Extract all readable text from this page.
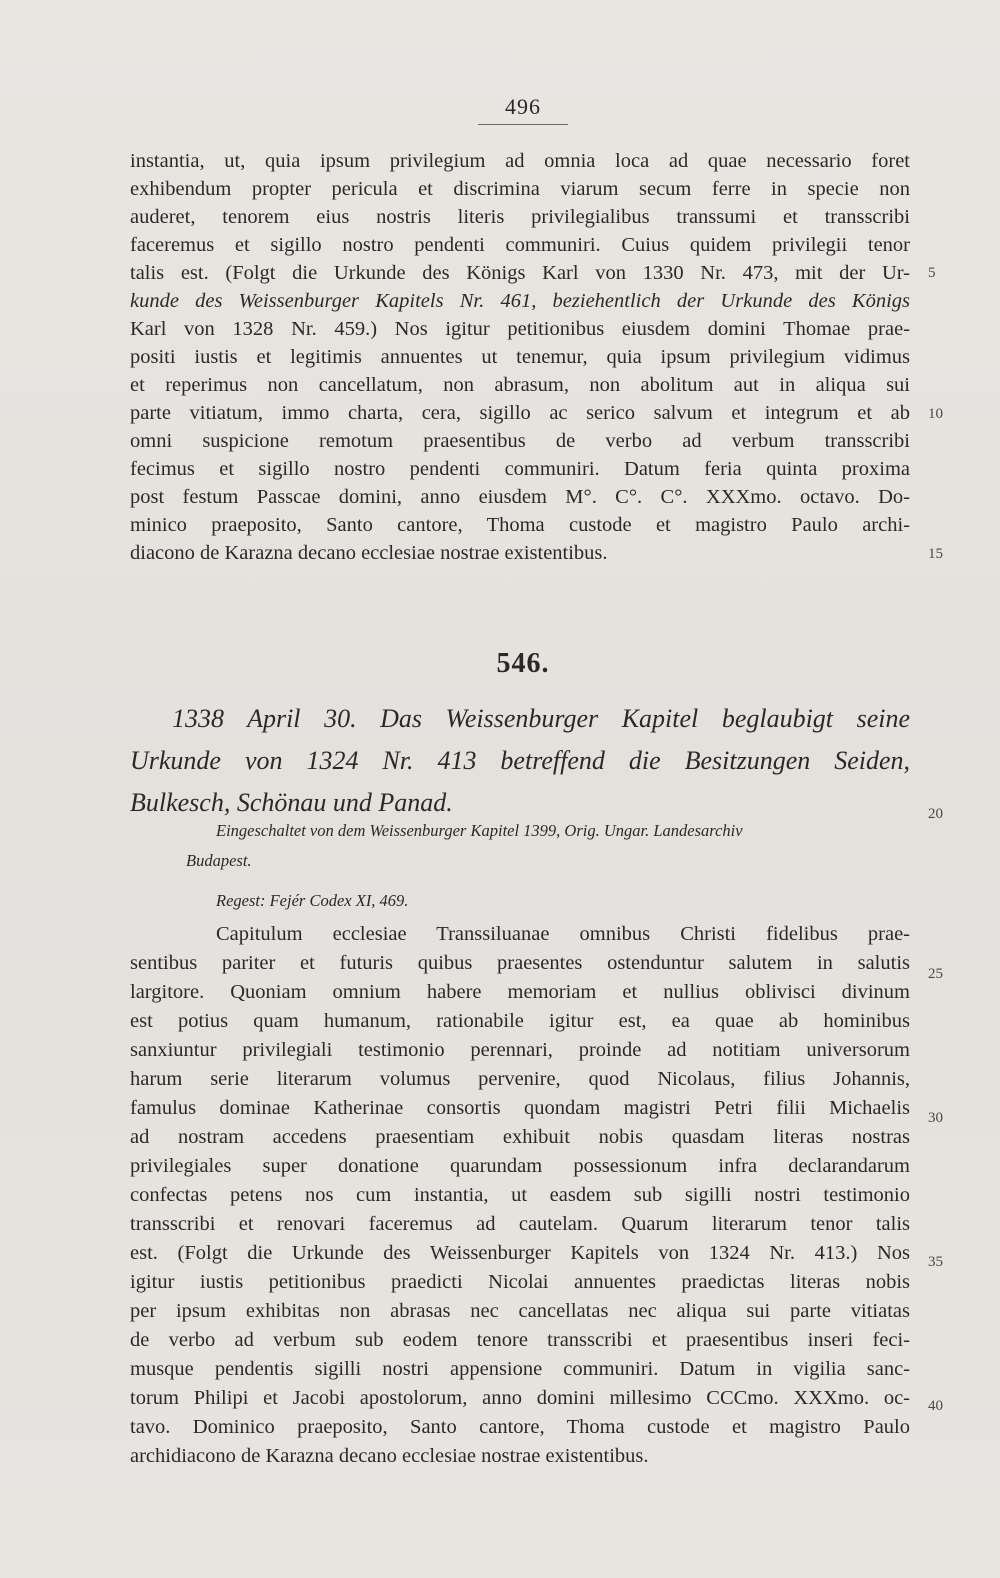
496
instantia, ut, quia ipsum privilegium ad omnia loca ad quae necessario foret
exhibendum propter pericula et discrimina viarum secum ferre in specie non
auderet, tenorem eius nostris literis privilegialibus transsumi et transscribi
faceremus et sigillo nostro pendenti communiri. Cuius quidem privilegii tenor
talis est. (Folgt die Urkunde des Königs Karl von 1330 Nr. 473, mit der Ur-
kunde des Weissenburger Kapitels Nr. 461, beziehentlich der Urkunde des Königs
Karl von 1328 Nr. 459.) Nos igitur petitionibus eiusdem domini Thomae prae-
positi iustis et legitimis annuentes ut tenemur, quia ipsum privilegium vidimus
et reperimus non cancellatum, non abrasum, non abolitum aut in aliqua sui
parte vitiatum, immo charta, cera, sigillo ac serico salvum et integrum et ab
omni suspicione remotum praesentibus de verbo ad verbum transscribi
fecimus et sigillo nostro pendenti communiri. Datum feria quinta proxima
post festum Passcae domini, anno eiusdem M°. C°. C°. XXXmo. octavo. Do-
minico praeposito, Santo cantore, Thoma custode et magistro Paulo archi-
diacono de Karazna decano ecclesiae nostrae existentibus.
5
10
15
546.
1338 April 30. Das Weissenburger Kapitel beglaubigt seine
Urkunde von 1324 Nr. 413 betreffend die Besitzungen Seiden,
Bulkesch, Schönau und Panad.
Eingeschaltet von dem Weissenburger Kapitel 1399, Orig. Ungar. Landesarchiv
Budapest.
Regest: Fejér Codex XI, 469.
Capitulum ecclesiae Transsiluanae omnibus Christi fidelibus prae-
sentibus pariter et futuris quibus praesentes ostenduntur salutem in salutis
largitore. Quoniam omnium habere memoriam et nullius oblivisci divinum
est potius quam humanum, rationabile igitur est, ea quae ab hominibus
sanxiuntur privilegiali testimonio perennari, proinde ad notitiam universorum
harum serie literarum volumus pervenire, quod Nicolaus, filius Johannis,
famulus dominae Katherinae consortis quondam magistri Petri filii Michaelis
ad nostram accedens praesentiam exhibuit nobis quasdam literas nostras
privilegiales super donatione quarundam possessionum infra declarandarum
confectas petens nos cum instantia, ut easdem sub sigilli nostri testimonio
transscribi et renovari faceremus ad cautelam. Quarum literarum tenor talis
est. (Folgt die Urkunde des Weissenburger Kapitels von 1324 Nr. 413.) Nos
igitur iustis petitionibus praedicti Nicolai annuentes praedictas literas nobis
per ipsum exhibitas non abrasas nec cancellatas nec aliqua sui parte vitiatas
de verbo ad verbum sub eodem tenore transscribi et praesentibus inseri feci-
musque pendentis sigilli nostri appensione communiri. Datum in vigilia sanc-
torum Philipi et Jacobi apostolorum, anno domini millesimo CCCmo. XXXmo. oc-
tavo. Dominico praeposito, Santo cantore, Thoma custode et magistro Paulo
archidiacono de Karazna decano ecclesiae nostrae existentibus.
20
25
30
35
40
